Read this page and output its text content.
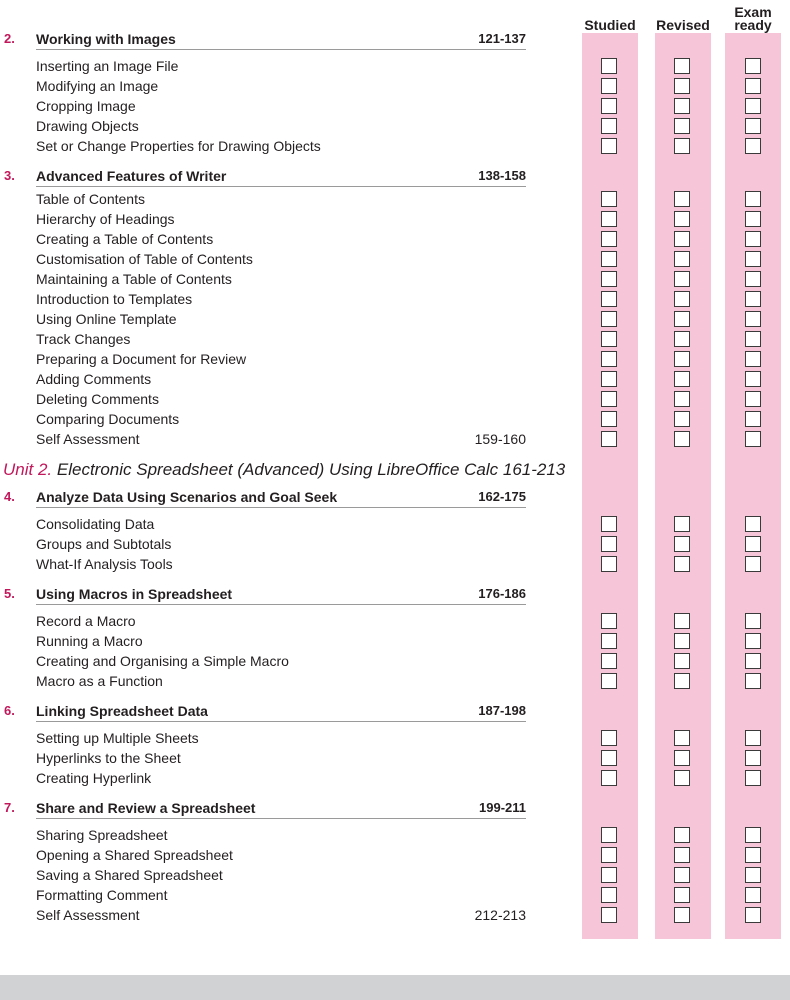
Studied	Revised
Exam ready
2. Working with Images	121-137
Inserting an Image File
Modifying an Image
Cropping Image
Drawing Objects
Set or Change Properties for Drawing Objects
3. Advanced Features of Writer	138-158
Table of Contents
Hierarchy of Headings
Creating a Table of Contents
Customisation of Table of Contents
Maintaining a Table of Contents
Introduction to Templates
Using Online Template
Track Changes
Preparing a Document for Review
Adding Comments
Deleting Comments
Comparing Documents
Self Assessment	159-160
4. Analyze Data Using Scenarios and Goal Seek	162-175
Consolidating Data
Groups and Subtotals
What-If Analysis Tools
5. Using Macros in Spreadsheet	176-186
Record a Macro
Running a Macro
Creating and Organising a Simple Macro
Macro as a Function
6. Linking Spreadsheet Data	187-198
Setting up Multiple Sheets
Hyperlinks to the Sheet
Creating Hyperlink
7. Share and Review a Spreadsheet	199-211
Sharing Spreadsheet
Opening a Shared Spreadsheet
Saving a Shared Spreadsheet
Formatting Comment
Self Assessment	212-213
Unit 2. Electronic Spreadsheet (Advanced) Using LibreOffice Calc 161-213
